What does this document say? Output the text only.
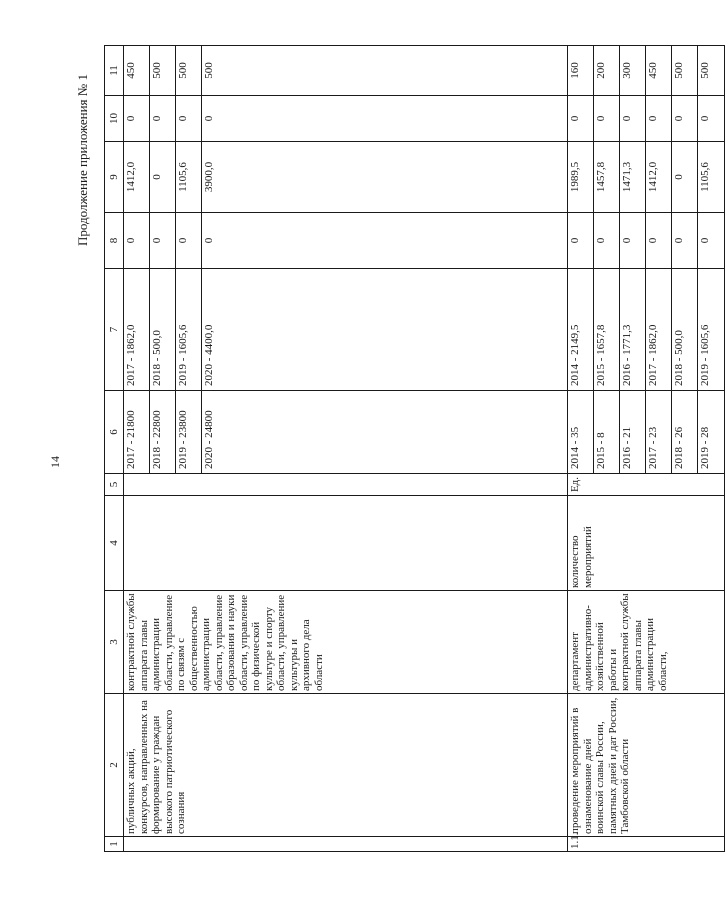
14
Продолжение приложения № 1
1	2	3	4	5	6	7	8	9	10	11
	публичных акций, конкурсов, направленных на формирование у граждан высокого патриотического сознания	контрактной службы аппарата главы администрации области, управление по связям с общественностью администрации области, управление образования и науки области, управление по физической культуре и спорту области, управление культуры и архивного дела области			2017 - 21800	2017 - 1862,0	0	1412,0	0	450
					2018 - 22800	2018 - 500,0	0	0	0	500
					2019 - 23800	2019 - 1605,6	0	1105,6	0	500
					2020 - 24800	2020 - 4400,0	0	3900,0	0	500
1.1.	проведение мероприятий в ознаменование дней воинской славы России, памятных дней и дат России, Тамбовской области	департамент административно-хозяйственной работы и контрактной службы аппарата главы администрации области,	количество мероприятий	Ед.	2014 - 35	2014 - 2149,5	0	1989,5	0	160
					2015 - 8	2015 - 1657,8	0	1457,8	0	200
					2016 - 21	2016 - 1771,3	0	1471,3	0	300
					2017 - 23	2017 - 1862,0	0	1412,0	0	450
					2018 - 26	2018 - 500,0	0	0	0	500
					2019 - 28	2019 - 1605,6	0	1105,6	0	500
